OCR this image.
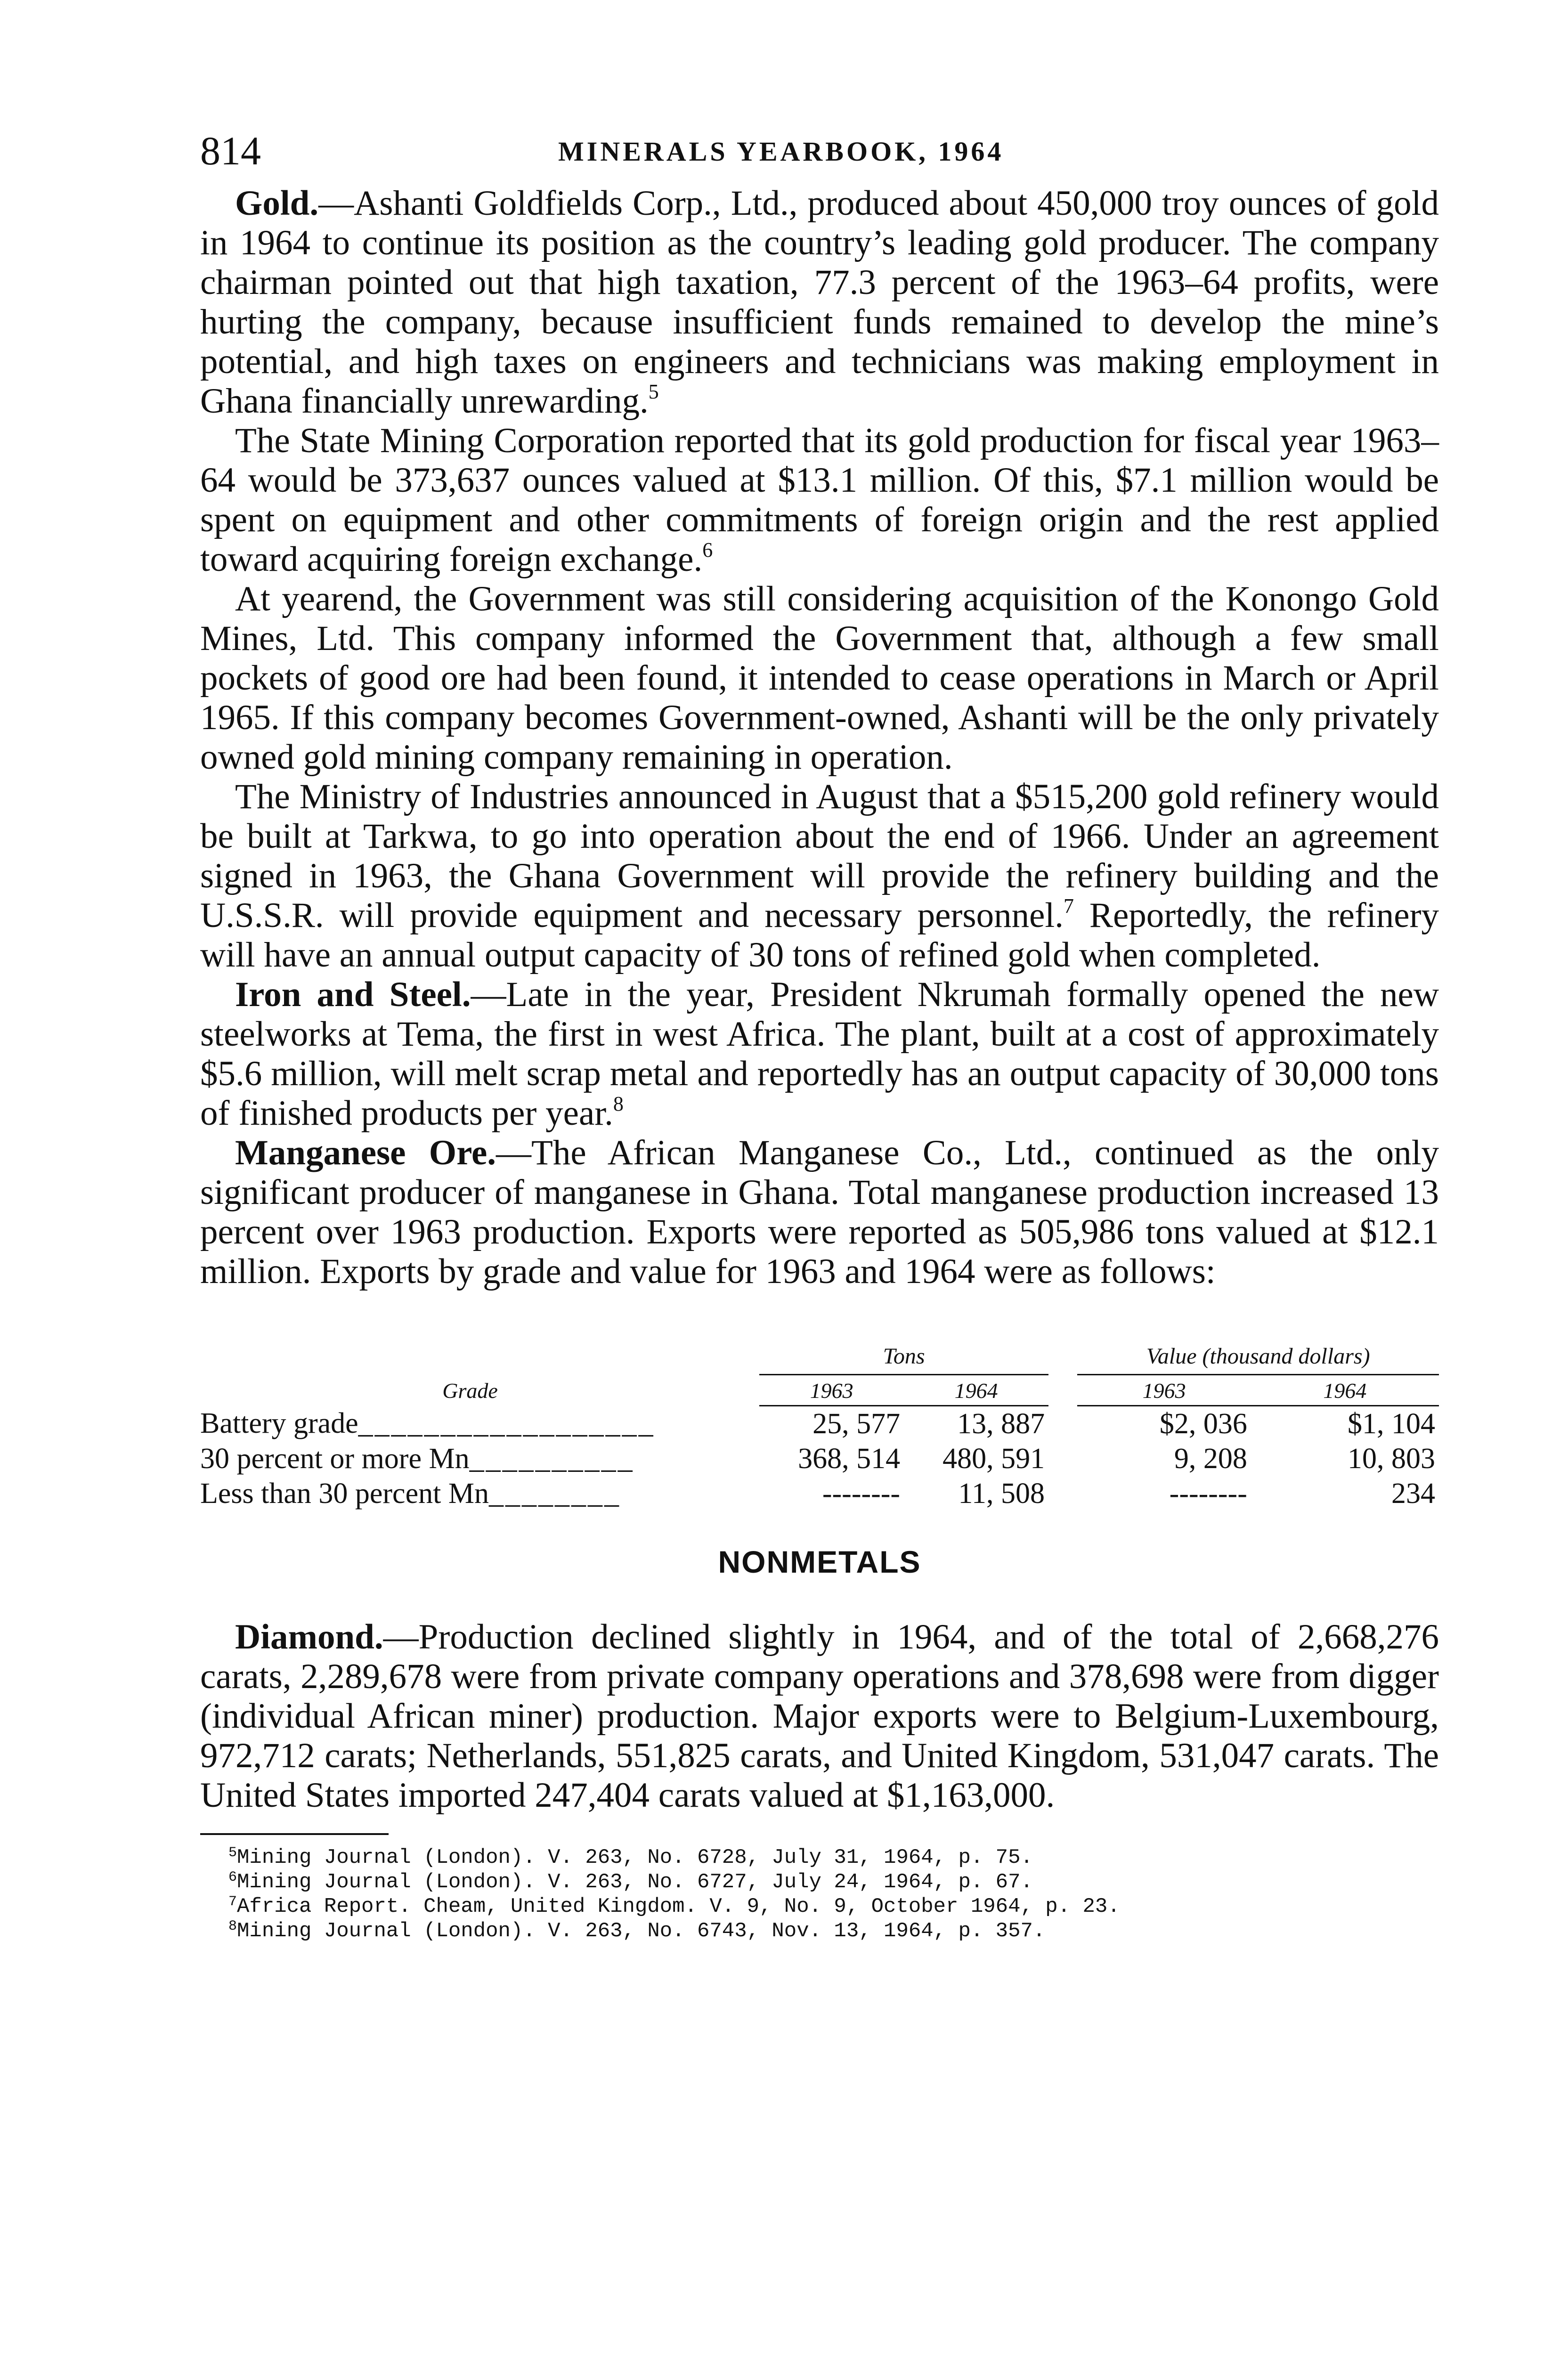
814	MINERALS YEARBOOK, 1964

Gold.—Ashanti Goldfields Corp., Ltd., produced about 450,000 troy ounces of gold in 1964 to continue its position as the country’s leading gold producer. The company chairman pointed out that high taxation, 77.3 percent of the 1963–64 profits, were hurting the company, because insufficient funds remained to develop the mine’s potential, and high taxes on engineers and technicians was making employment in Ghana financially unrewarding.$^5$

The State Mining Corporation reported that its gold production for fiscal year 1963–64 would be 373,637 ounces valued at $13.1 million. Of this, $7.1 million would be spent on equipment and other commitments of foreign origin and the rest applied toward acquiring foreign exchange.$^6$

At yearend, the Government was still considering acquisition of the Konongo Gold Mines, Ltd. This company informed the Government that, although a few small pockets of good ore had been found, it intended to cease operations in March or April 1965. If this company becomes Government-owned, Ashanti will be the only privately owned gold mining company remaining in operation.

The Ministry of Industries announced in August that a $515,200 gold refinery would be built at Tarkwa, to go into operation about the end of 1966. Under an agreement signed in 1963, the Ghana Government will provide the refinery building and the U.S.S.R. will provide equipment and necessary personnel.$^7$ Reportedly, the refinery will have an annual output capacity of 30 tons of refined gold when completed.

Iron and Steel.—Late in the year, President Nkrumah formally opened the new steelworks at Tema, the first in west Africa. The plant, built at a cost of approximately $5.6 million, will melt scrap metal and reportedly has an output capacity of 30,000 tons of finished products per year.$^8$

Manganese Ore.—The African Manganese Co., Ltd., continued as the only significant producer of manganese in Ghana. Total manganese production increased 13 percent over 1963 production. Exports were reported as 505,986 tons valued at $12.1 million. Exports by grade and value for 1963 and 1964 were as follows:

		Tons			Value (thousand dollars)	
Grade		1963	1964		1963	1964
Battery grade__________________		25, 577	13, 887		$2, 036	$1, 104
30 percent or more Mn__________		368, 514	480, 591		9, 208	10, 803
Less than 30 percent Mn________		--------	11, 508		--------	234
NONMETALS

Diamond.—Production declined slightly in 1964, and of the total of 2,668,276 carats, 2,289,678 were from private company operations and 378,698 were from digger (individual African miner) production. Major exports were to Belgium-Luxembourg, 972,712 carats; Netherlands, 551,825 carats, and United Kingdom, 531,047 carats. The United States imported 247,404 carats valued at $1,163,000.

$^5$Mining Journal (London). V. 263, No. 6728, July 31, 1964, p. 75.
$^6$Mining Journal (London). V. 263, No. 6727, July 24, 1964, p. 67.
$^7$Africa Report. Cheam, United Kingdom. V. 9, No. 9, October 1964, p. 23.
$^8$Mining Journal (London). V. 263, No. 6743, Nov. 13, 1964, p. 357.
